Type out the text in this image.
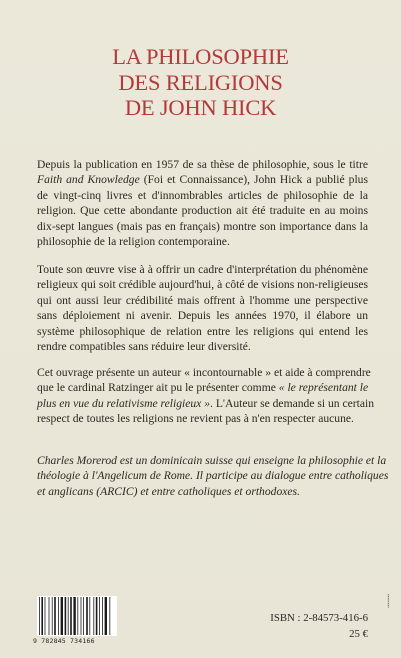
LA PHILOSOPHIE
DES RELIGIONS
DE JOHN HICK
Depuis la publication en 1957 de sa thèse de philosophie, sous le titre
Faith and Knowledge (Foi et Connaissance), John Hick a publié plus
de vingt-cinq livres et d'innombrables articles de philosophie de la
religion. Que cette abondante production ait été traduite en au moins
dix-sept langues (mais pas en français) montre son importance dans la
philosophie de la religion contemporaine.
Toute son œuvre vise à à offrir un cadre d'interprétation du phénomène
religieux qui soit crédible aujourd'hui, à côté de visions non-religieuses
qui ont aussi leur crédibilité mais offrent à l'homme une perspective
sans déploiement ni avenir. Depuis les années 1970, il élabore un
système philosophique de relation entre les religions qui entend les
rendre compatibles sans réduire leur diversité.
Cet ouvrage présente un auteur « incontournable » et aide à comprendre
que le cardinal Ratzinger ait pu le présenter comme « le représentant le
plus en vue du relativisme religieux ». L'Auteur se demande si un certain
respect de toutes les religions ne revient pas à n'en respecter aucune.
Charles Morerod est un dominicain suisse qui enseigne la philosophie et la
théologie à l'Angelicum de Rome. Il participe au dialogue entre catholiques
et anglicans (ARCIC) et entre catholiques et orthodoxes.
9 782845 734166
ISBN : 2-84573-416-6
25 €
▪▪▪▪▪▪▪▪
